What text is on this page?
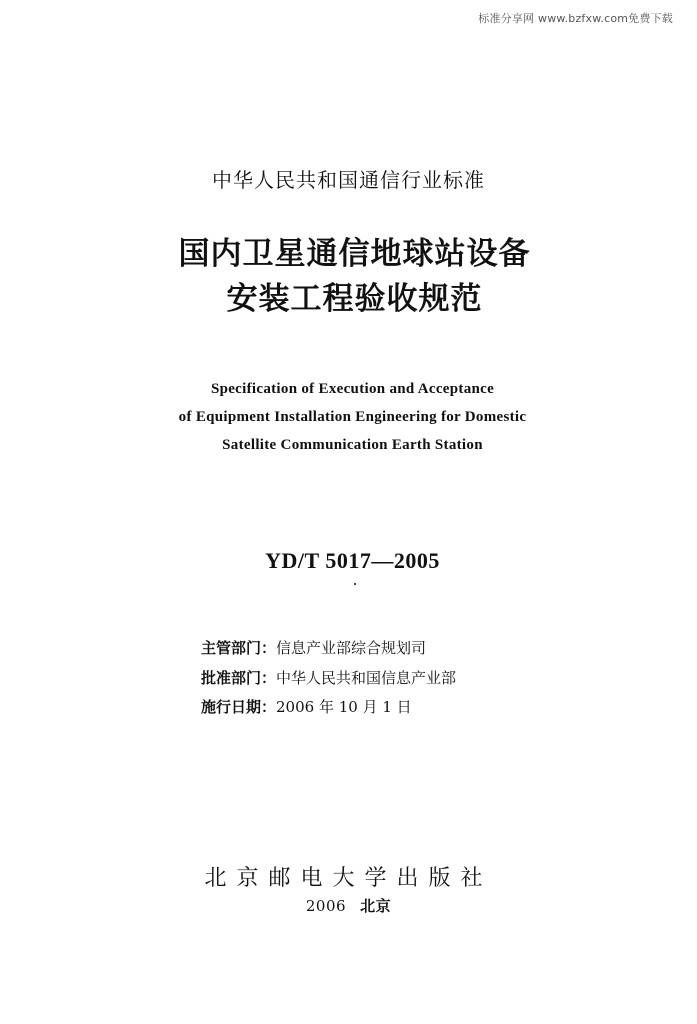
标准分享网 www.bzfxw.com免费下载
中华人民共和国通信行业标准
国内卫星通信地球站设备
安装工程验收规范
Specification of Execution and Acceptance
of Equipment Installation Engineering for Domestic
Satellite Communication Earth Station
YD/T 5017—2005
主管部门：信息产业部综合规划司
批准部门：中华人民共和国信息产业部
施行日期：2006 年 10 月 1 日
北京邮电大学出版社
2006 北京
